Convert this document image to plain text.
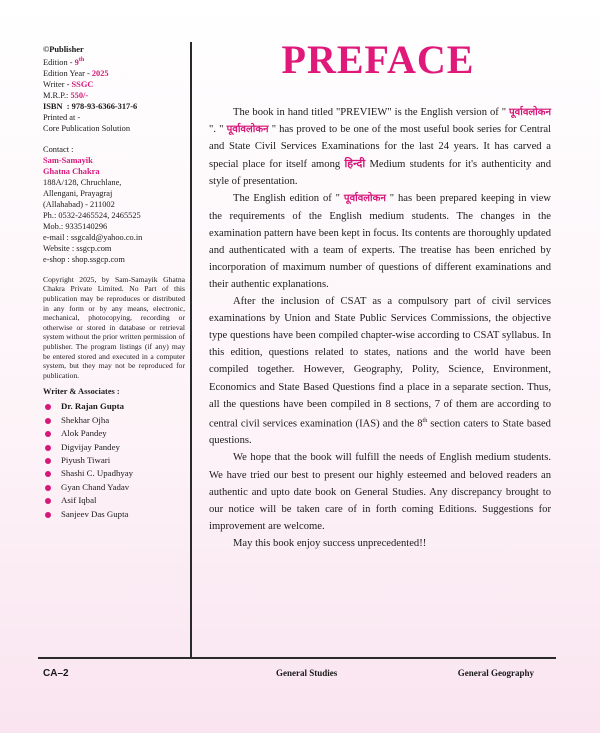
©Publisher
Edition - 9th
Edition Year - 2025
Writer - SSGC
M.R.P.: 550/-
ISBN : 978-93-6366-317-6
Printed at -
Core Publication Solution
Contact :
Sam-Samayik
Ghatna Chakra
188A/128, Chruchlane,
Allengani, Prayagraj
(Allahabad) - 211002
Ph.: 0532-2465524, 2465525
Mob.: 9335140296
e-mail : ssgcald@yahoo.co.in
Website : ssgcp.com
e-shop : shop.ssgcp.com
Copyright 2025, by Sam-Samayik Ghatna Chakra Private Limited. No Part of this publication may be reproduces or distributed in any form or by any means, electronic, mechanical, photocopying, recording or otherwise or stored in database or retrieval system without the prior written permission of publisher. The program listings (if any) may be entered stored and executed in a computer system, but they may not be reproduced for publication.
Writer & Associates :
Dr. Rajan Gupta
Shekhar Ojha
Alok Pandey
Digvijay Pandey
Piyush Tiwari
Shashi C. Upadhyay
Gyan Chand Yadav
Asif Iqbal
Sanjeev Das Gupta
PREFACE

The book in hand titled "PREVIEW" is the English version of " पूर्वावलोकन ". " पूर्वावलोकन " has proved to be one of the most useful book series for Central and State Civil Services Examinations for the last 24 years. It has carved a special place for itself among हिन्दी Medium students for it's authenticity and style of presentation.

The English edition of " पूर्वावलोकन " has been prepared keeping in view the requirements of the English medium students. The changes in the examination pattern have been kept in focus. Its contents are thoroughly updated and authenticated with a team of experts. The treatise has been enriched by incorporation of maximum number of questions of different examinations and their authentic explanations.

After the inclusion of CSAT as a compulsory part of civil services examinations by Union and State Public Services Commissions, the objective type questions have been compiled chapter-wise according to CSAT syllabus. In this edition, questions related to states, nations and the world have been compiled together. However, Geography, Polity, Science, Environment, Economics and State Based Questions find a place in a separate section. Thus, all the questions have been compiled in 8 sections, 7 of them are according to central civil services examination (IAS) and the 8th section caters to State based questions.

We hope that the book will fulfill the needs of English medium students. We have tried our best to present our highly esteemed and beloved readers an authentic and upto date book on General Studies. Any discrepancy brought to our notice will be taken care of in forth coming Editions. Suggestions for improvement are welcome.

May this book enjoy success unprecedented!!

CA–2	General Studies	General Geography
